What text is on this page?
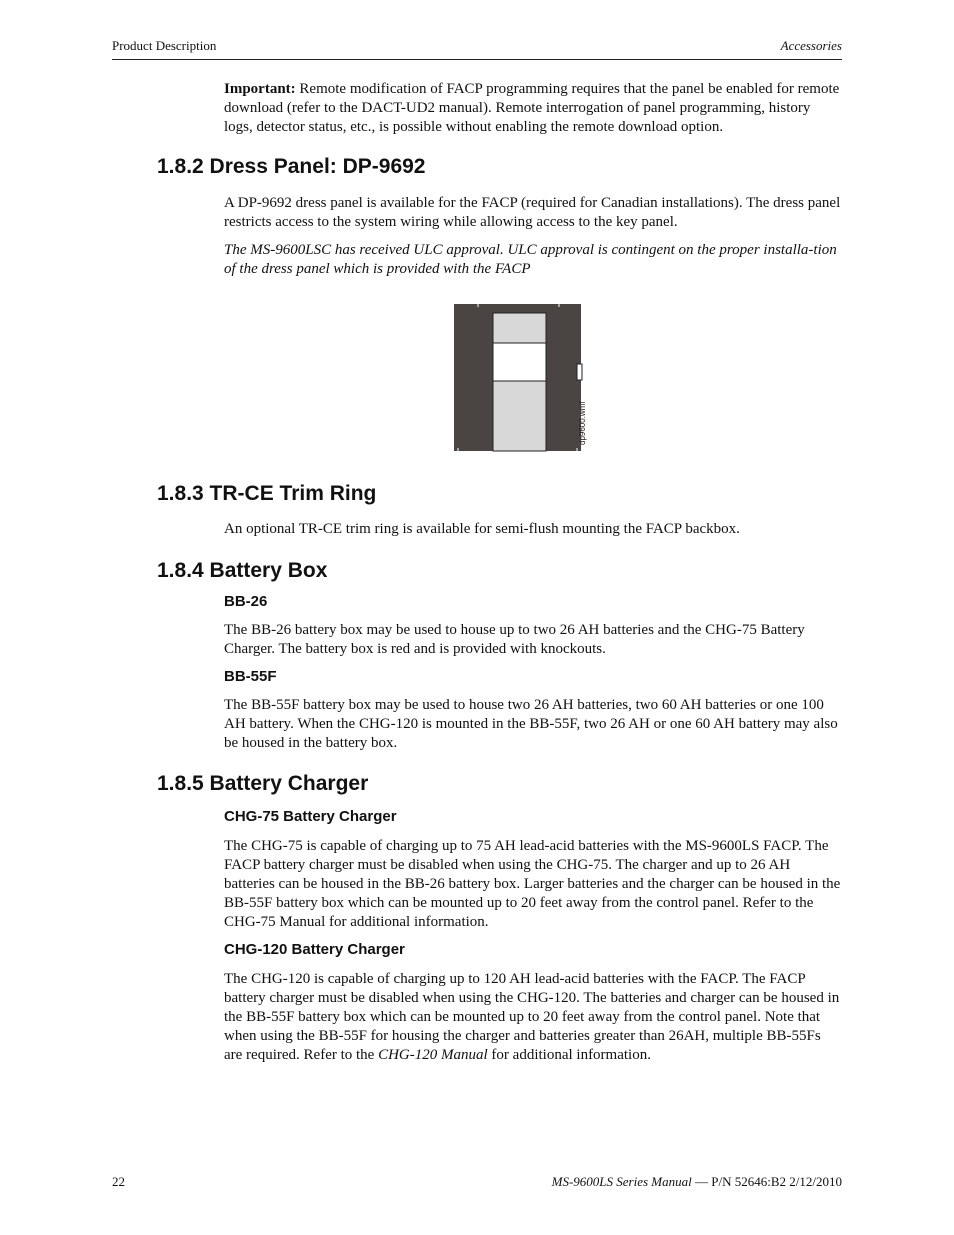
Product Description	Accessories

Important: Remote modification of FACP programming requires that the panel be enabled for remote download (refer to the DACT-UD2 manual). Remote interrogation of panel programming, history logs, detector status, etc., is possible without enabling the remote download option.

1.8.2 Dress Panel: DP-9692

A DP-9692 dress panel is available for the FACP (required for Canadian installations). The dress panel restricts access to the system wiring while allowing access to the key panel.

The MS-9600LSC has received ULC approval. ULC approval is contingent on the proper installa-tion of the dress panel which is provided with the FACP

dp9600.wmf
1.8.3 TR-CE Trim Ring

An optional TR-CE trim ring is available for semi-flush mounting the FACP backbox.

1.8.4 Battery Box
BB-26

The BB-26 battery box may be used to house up to two 26 AH batteries and the CHG-75 Battery Charger. The battery box is red and is provided with knockouts.

BB-55F

The BB-55F battery box may be used to house two 26 AH batteries, two 60 AH batteries or one 100 AH battery. When the CHG-120 is mounted in the BB-55F, two 26 AH or one 60 AH battery may also be housed in the battery box.

1.8.5 Battery Charger
CHG-75 Battery Charger

The CHG-75 is capable of charging up to 75 AH lead-acid batteries with the MS-9600LS FACP. The FACP battery charger must be disabled when using the CHG-75. The charger and up to 26 AH batteries can be housed in the BB-26 battery box. Larger batteries and the charger can be housed in the BB-55F battery box which can be mounted up to 20 feet away from the control panel. Refer to the CHG-75 Manual for additional information.

CHG-120 Battery Charger

The CHG-120 is capable of charging up to 120 AH lead-acid batteries with the FACP. The FACP battery charger must be disabled when using the CHG-120. The batteries and charger can be housed in the BB-55F battery box which can be mounted up to 20 feet away from the control panel. Note that when using the BB-55F for housing the charger and batteries greater than 26AH, multiple BB-55Fs are required. Refer to the CHG-120 Manual for additional information.

22	MS-9600LS Series Manual — P/N 52646:B2 2/12/2010
